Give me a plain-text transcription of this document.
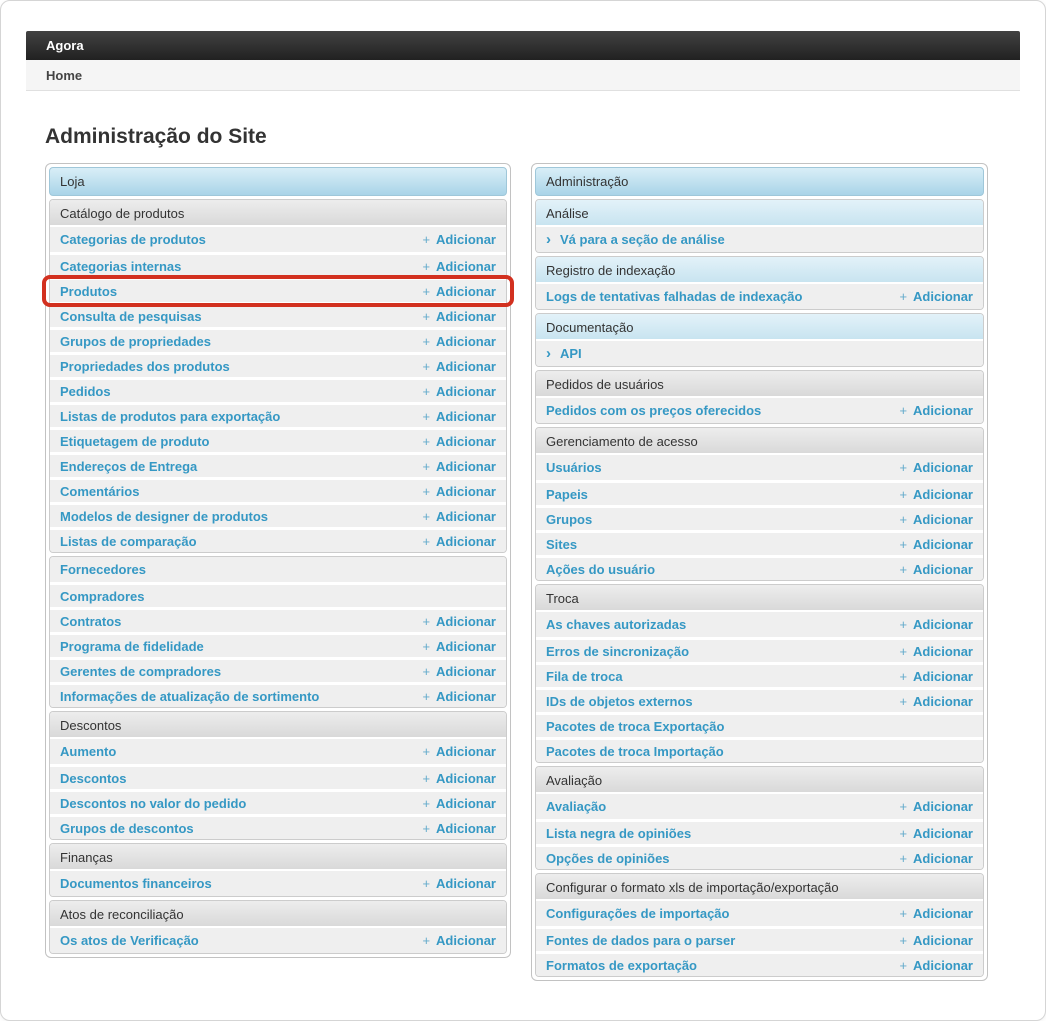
Agora
Home
Administração do Site
Loja
Catálogo de produtos
Categorias de produtos	+ Adicionar
Categorias internas	+ Adicionar
Produtos	+ Adicionar
Consulta de pesquisas	+ Adicionar
Grupos de propriedades	+ Adicionar
Propriedades dos produtos	+ Adicionar
Pedidos	+ Adicionar
Listas de produtos para exportação	+ Adicionar
Etiquetagem de produto	+ Adicionar
Endereços de Entrega	+ Adicionar
Comentários	+ Adicionar
Modelos de designer de produtos	+ Adicionar
Listas de comparação	+ Adicionar
Fornecedores
Compradores
Contratos	+ Adicionar
Programa de fidelidade	+ Adicionar
Gerentes de compradores	+ Adicionar
Informações de atualização de sortimento	+ Adicionar
Descontos
Aumento	+ Adicionar
Descontos	+ Adicionar
Descontos no valor do pedido	+ Adicionar
Grupos de descontos	+ Adicionar
Finanças
Documentos financeiros	+ Adicionar
Atos de reconciliação
Os atos de Verificação	+ Adicionar
Administração
Análise
› Vá para a seção de análise
Registro de indexação
Logs de tentativas falhadas de indexação	+ Adicionar
Documentação
› API
Pedidos de usuários
Pedidos com os preços oferecidos	+ Adicionar
Gerenciamento de acesso
Usuários	+ Adicionar
Papeis	+ Adicionar
Grupos	+ Adicionar
Sites	+ Adicionar
Ações do usuário	+ Adicionar
Troca
As chaves autorizadas	+ Adicionar
Erros de sincronização	+ Adicionar
Fila de troca	+ Adicionar
IDs de objetos externos	+ Adicionar
Pacotes de troca Exportação
Pacotes de troca Importação
Avaliação
Avaliação	+ Adicionar
Lista negra de opiniões	+ Adicionar
Opções de opiniões	+ Adicionar
Configurar o formato xls de importação/exportação
Configurações de importação	+ Adicionar
Fontes de dados para o parser	+ Adicionar
Formatos de exportação	+ Adicionar
